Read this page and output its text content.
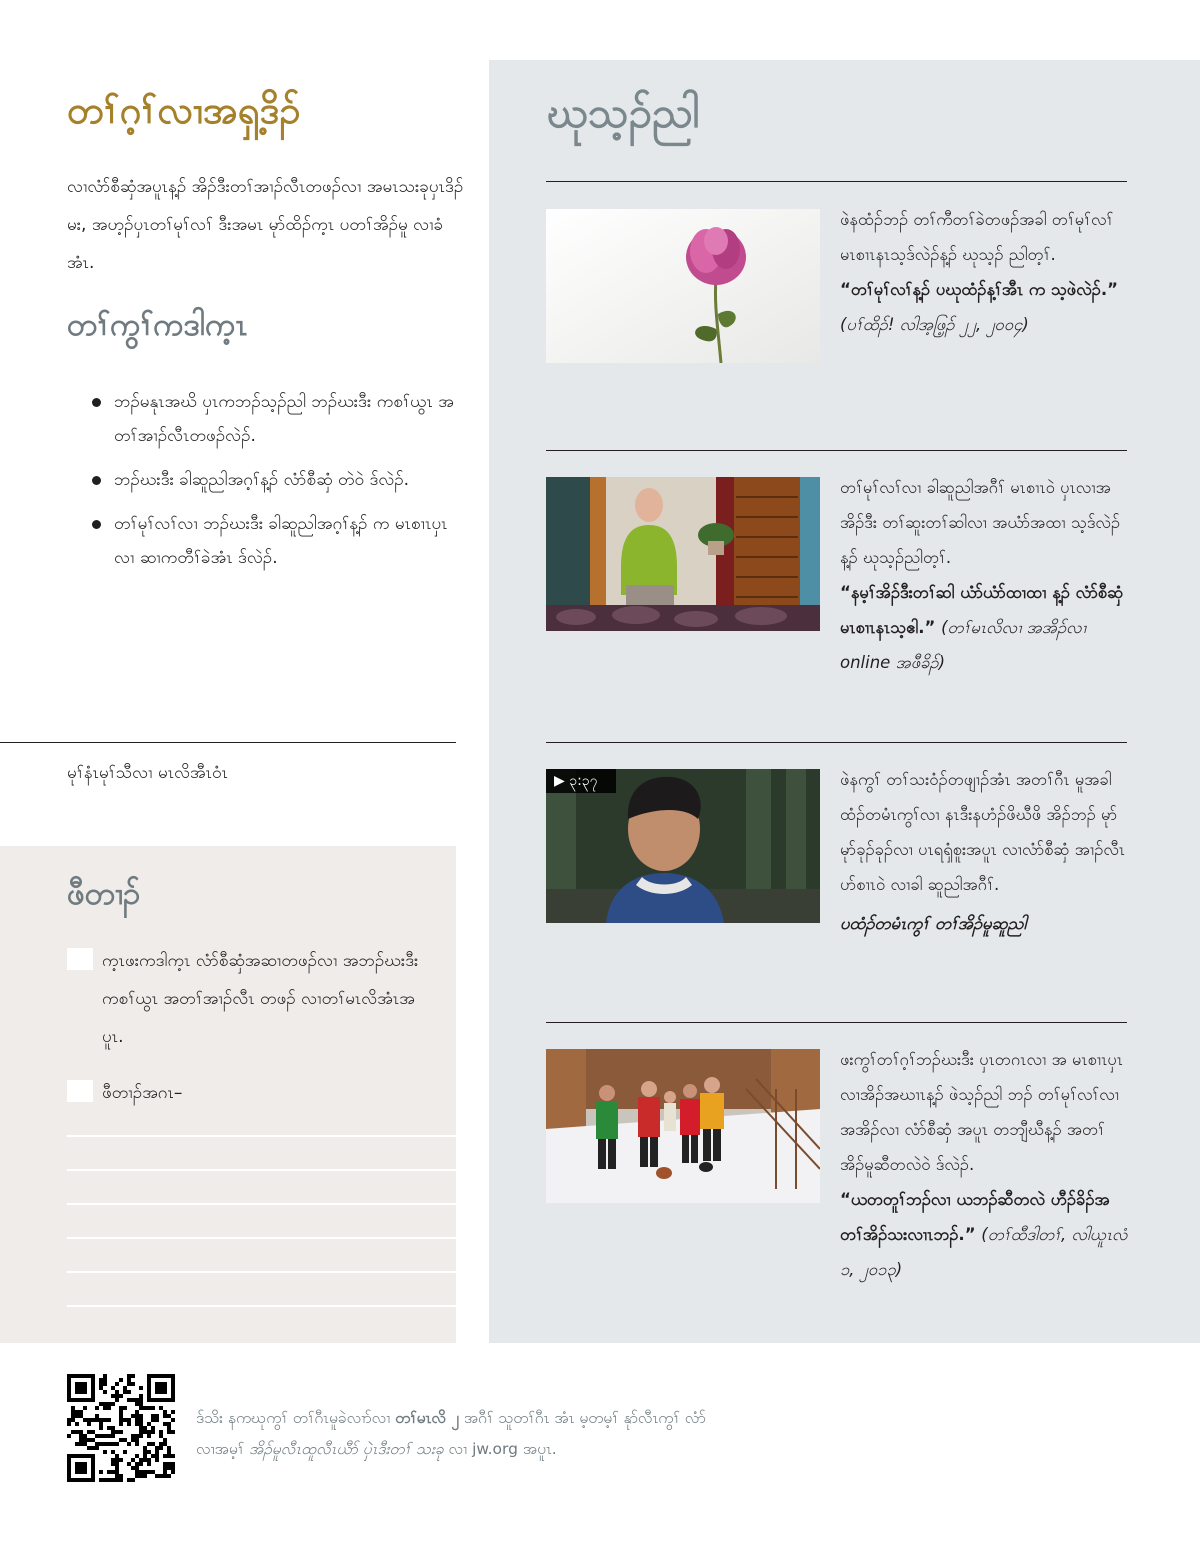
တၢ်ဂ့ၢ်လၢအရှ့ဒိၣ်

လၢလံာ်စီဆှံအပူၤန့ၣ် အိၣ်ဒီးတၢ်အၢၣ်လီၤတဖၣ်လၢ အမၤသးခုပှၤဒိၣ်မး, အဟ့ၣ်ပှၤတၢ်မုၢ်လၢ် ဒီးအမၤ မုာ်ထိၣ်က့ၤ ပတၢ်အိၣ်မူ လၢခံအံၤ.

တၢ်ကွၢ်ကဒါက့ၤ
ဘၣ်မနုၤအဃိ ပှၤကဘၣ်သ့ၣ်ညါ ဘၣ်ဃးဒီး ကစၢ်ယွၤ အတၢ်အၢၣ်လီၤတဖၣ်လဲၣ်.
ဘၣ်ဃးဒီး ခါဆူညါအဂ့ၢ်န့ၣ် လံာ်စီဆှံ တဲဝဲ ဒ်လဲၣ်.
တၢ်မုၢ်လၢ်လၢ ဘၣ်ဃးဒီး ခါဆူညါအဂ့ၢ်န့ၣ် က မၤစၢၤပှၤလၢ ဆၢကတီၢ်ခဲအံၤ ဒ်လဲၣ်.
မုၢ်နံၤမုၢ်သီလၢ မၤလိအီၤဝံၤ
ဖီတၢၣ်
က့ၤဖးကဒါက့ၤ လံာ်စီဆှံအဆၢတဖၣ်လၢ အဘၣ်ဃးဒီး ကစၢ်ယွၤ အတၢ်အၢၣ်လီၤ တဖၣ် လၢတၢ်မၤလိအံၤအပူၤ.
ဖီတၢၣ်အဂၤ–
ဃုသ့ၣ်ညါ

ဖဲနထံၣ်ဘၣ် တၢ်ကီတၢ်ခဲတဖၣ်အခါ တၢ်မုၢ်လၢ် မၤစၢၤနၤသ့ဒ်လဲၣ်န့ၣ် ဃုသ့ၣ် ညါတ့ၢ်.

“တၢ်မုၢ်လၢ်န့ၣ် ပဃုထံၣ်န့ၢ်အီၤ က သ့ဖဲလဲၣ်.” (ပၢ်ထိၣ်! လါအ့ဖြ့ၣ် ၂၂, ၂၀၀၄)

တၢ်မုၢ်လၢ်လၢ ခါဆူညါအဂီၢ် မၤစၢၤဝဲ ပှၤလၢအအိၣ်ဒီး တၢ်ဆူးတၢ်ဆါလၢ အယံာ်အထၢ သ့ဒ်လဲၣ်န့ၣ် ဃုသ့ၣ်ညါတ့ၢ်.

“နမ့ၢ်အိၣ်ဒီးတၢ်ဆါ ယံာ်ယံာ်ထၢထၢ န့ၣ် လံာ်စီဆှံ မၤစၢၤနၤသ့ဧါ.” (တၢ်မၤလိလၢ အအိၣ်လၢ online အဖီခိၣ်)

▶ ၃:၃၇	ဖဲနကွၢ် တၢ်သးဝံၣ်တဖျၢၣ်အံၤ အတၢ်ဂီၤ မူအခါ ထံၣ်တမံၤကွၢ်လၢ နၤဒီးနဟံၣ်ဖိဃီဖိ အိၣ်ဘၣ် မုာ်မုာ်ခုၣ်ခုၣ်လၢ ပၤရၡံစူးအပူၤ လၢလံာ်စီဆှံ အၢၣ်လီၤပာ်စၢၤဝဲ လၢခါ ဆူညါအဂီၢ်.

ပထံၣ်တမံၤကွၢ် တၢ်အိၣ်မူဆူညါ

ဖးကွၢ်တၢ်ဂ့ၢ်ဘၣ်ဃးဒီး ပှၤတဂၤလၢ အ မၤစၢၤပှၤလၢအိၣ်အဃၢၤန့ၣ် ဖဲသ့ၣ်ညါ ဘၣ် တၢ်မုၢ်လၢ်လၢ အအိၣ်လၢ လံာ်စီဆှံ အပူၤ တဘျီဃီန့ၣ် အတၢ်အိၣ်မူဆီတလဲဝဲ ဒ်လဲၣ်.

“ယတတူၢ်ဘၣ်လၢ ယဘၣ်ဆီတလဲ ဟီၣ်ခိၣ်အတၢ်အိၣ်သးလၢၤဘၣ်.” (တၢ်ထီဒါတၢ်, လါယူၤလံ ၁, ၂၀၁၃)

ဒ်သိး နကဃုကွၢ် တၢ်ဂီၤမူခဲလၢာ်လၢ တၢ်မၤလိ ၂ အဂီၢ် သူတၢ်ဂီၤ အံၤ မ့တမ့ၢ် နုာ်လီၤကွၢ် လံာ်လၢအမ့ၢ် အိၣ်မူလီၤထူလီၤယီာ် ပှဲၤဒီးတၢ် သးခု လၢ jw.org အပူၤ.
